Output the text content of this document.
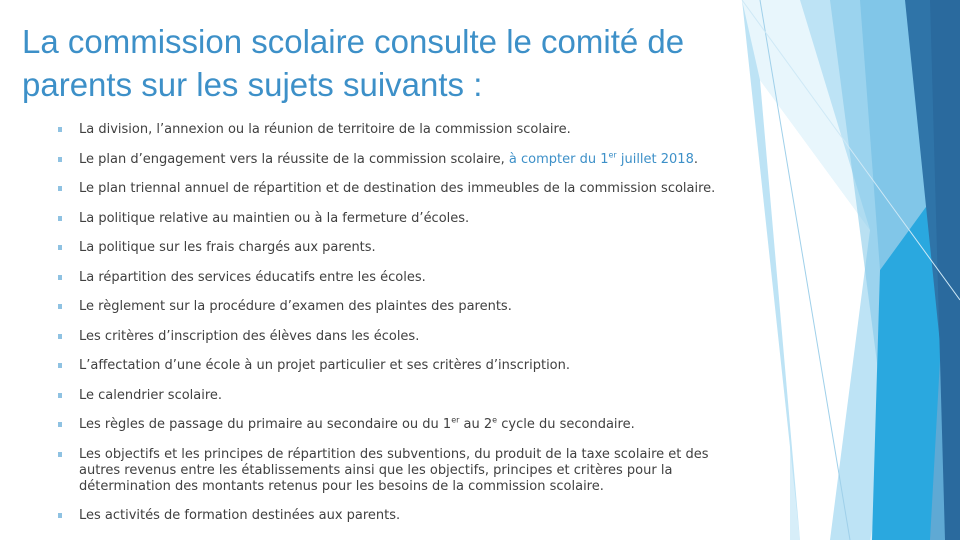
La commission scolaire consulte le comité de parents sur les sujets suivants :
La division, l’annexion ou la réunion de territoire de la commission scolaire.
Le plan d’engagement vers la réussite de la commission scolaire, à compter du 1er juillet 2018.
Le plan triennal annuel de répartition et de destination des immeubles de la commission scolaire.
La politique relative au maintien ou à la fermeture d’écoles.
La politique sur les frais chargés aux parents.
La répartition des services éducatifs entre les écoles.
Le règlement sur la procédure d’examen des plaintes des parents.
Les critères d’inscription des élèves dans les écoles.
L’affectation d’une école à un projet particulier et ses critères d’inscription.
Le calendrier scolaire.
Les règles de passage du primaire au secondaire ou du 1er au 2e cycle du secondaire.
Les objectifs et les principes de répartition des subventions, du produit de la taxe scolaire et des autres revenus entre les établissements ainsi que les objectifs, principes et critères pour la détermination des montants retenus pour les besoins de la commission scolaire.
Les activités de formation destinées aux parents.
